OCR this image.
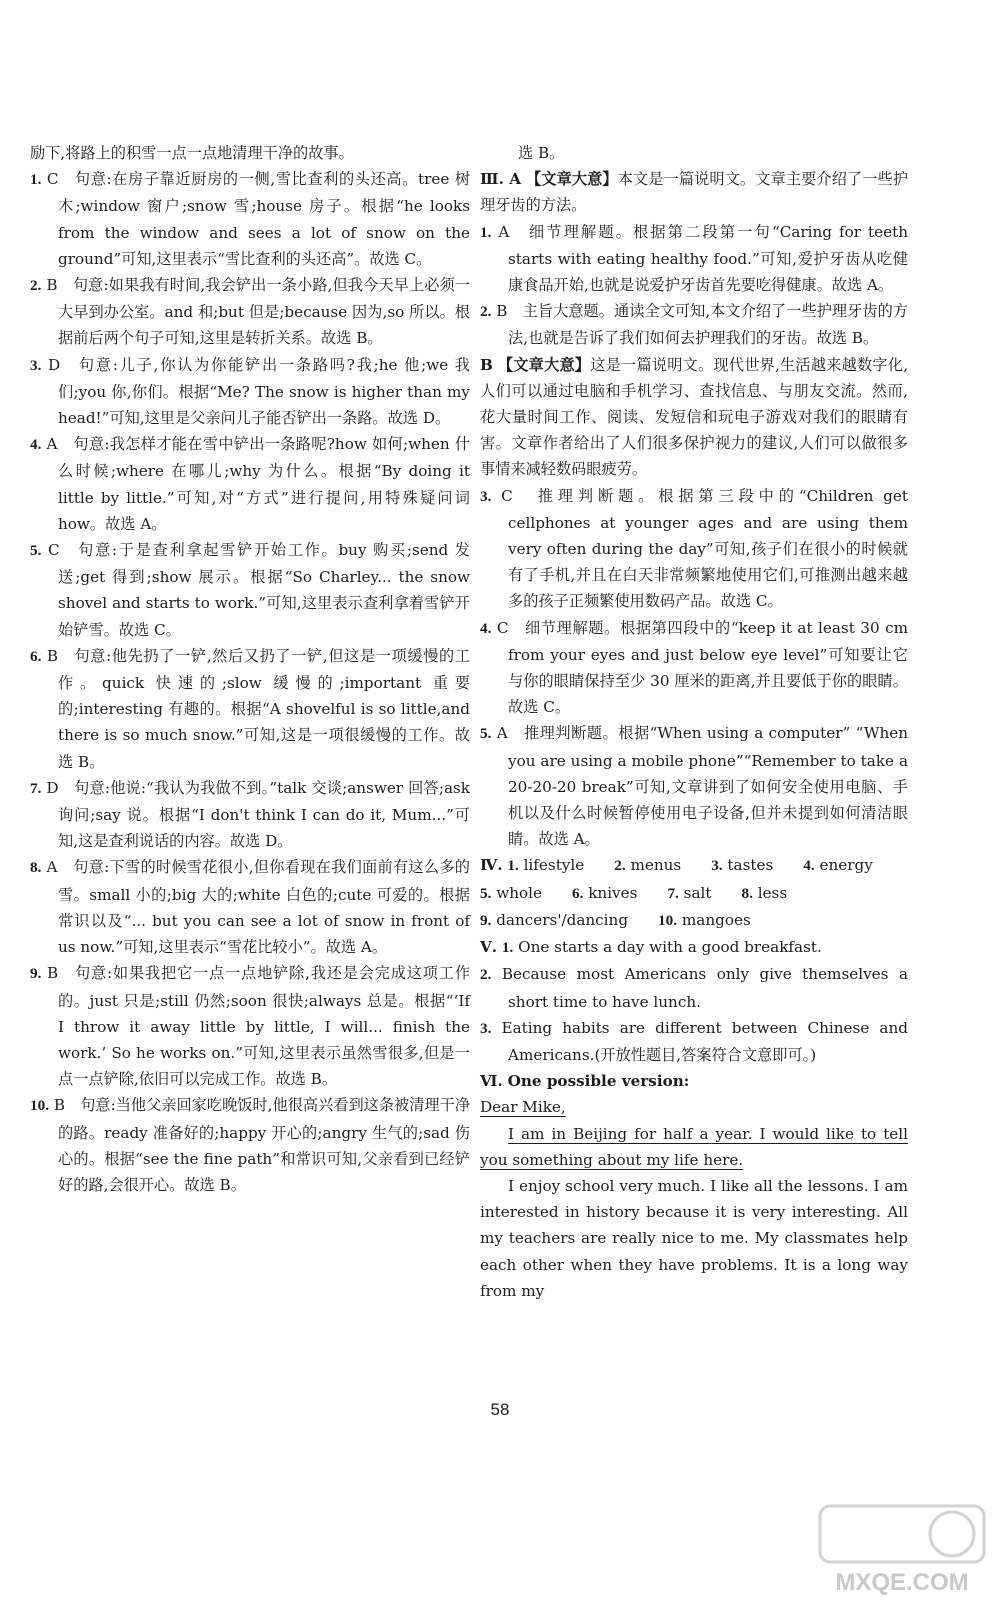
励下,将路上的积雪一点一点地清理干净的故事。

1. C　句意:在房子靠近厨房的一侧,雪比查利的头还高。tree 树木;window 窗户;snow 雪;house 房子。根据“he looks from the window and sees a lot of snow on the ground”可知,这里表示“雪比查利的头还高”。故选 C。

2. B　句意:如果我有时间,我会铲出一条小路,但我今天早上必须一大早到办公室。and 和;but 但是;because 因为,so 所以。根据前后两个句子可知,这里是转折关系。故选 B。

3. D　句意:儿子,你认为你能铲出一条路吗?我;he 他;we 我们;you 你,你们。根据“Me? The snow is higher than my head!”可知,这里是父亲问儿子能否铲出一条路。故选 D。

4. A　句意:我怎样才能在雪中铲出一条路呢?how 如何;when 什么时候;where 在哪儿;why 为什么。根据“By doing it little by little.”可知,对“方式”进行提问,用特殊疑问词 how。故选 A。

5. C　句意:于是查利拿起雪铲开始工作。buy 购买;send 发送;get 得到;show 展示。根据“So Charley... the snow shovel and starts to work.”可知,这里表示查利拿着雪铲开始铲雪。故选 C。

6. B　句意:他先扔了一铲,然后又扔了一铲,但这是一项缓慢的工作。quick 快速的;slow 缓慢的;important 重要的;interesting 有趣的。根据“A shovelful is so little,and there is so much snow.”可知,这是一项很缓慢的工作。故选 B。

7. D　句意:他说:“我认为我做不到。”talk 交谈;answer 回答;ask 询问;say 说。根据“I don't think I can do it, Mum...”可知,这是查利说话的内容。故选 D。

8. A　句意:下雪的时候雪花很小,但你看现在我们面前有这么多的雪。small 小的;big 大的;white 白色的;cute 可爱的。根据常识以及“... but you can see a lot of snow in front of us now.”可知,这里表示“雪花比较小”。故选 A。

9. B　句意:如果我把它一点一点地铲除,我还是会完成这项工作的。just 只是;still 仍然;soon 很快;always 总是。根据“‘If I throw it away little by little, I will... finish the work.’ So he works on.”可知,这里表示虽然雪很多,但是一点一点铲除,依旧可以完成工作。故选 B。

10. B　句意:当他父亲回家吃晚饭时,他很高兴看到这条被清理干净的路。ready 准备好的;happy 开心的;angry 生气的;sad 伤心的。根据“see the fine path”和常识可知,父亲看到已经铲好的路,会很开心。故选 B。

选 B。

Ⅲ. A 【文章大意】本文是一篇说明文。文章主要介绍了一些护理牙齿的方法。

1. A　细节理解题。根据第二段第一句“Caring for teeth starts with eating healthy food.”可知,爱护牙齿从吃健康食品开始,也就是说爱护牙齿首先要吃得健康。故选 A。

2. B　主旨大意题。通读全文可知,本文介绍了一些护理牙齿的方法,也就是告诉了我们如何去护理我们的牙齿。故选 B。

B 【文章大意】这是一篇说明文。现代世界,生活越来越数字化,人们可以通过电脑和手机学习、查找信息、与朋友交流。然而,花大量时间工作、阅读、发短信和玩电子游戏对我们的眼睛有害。文章作者给出了人们很多保护视力的建议,人们可以做很多事情来减轻数码眼疲劳。

3. C　推理判断题。根据第三段中的“Children get cellphones at younger ages and are using them very often during the day”可知,孩子们在很小的时候就有了手机,并且在白天非常频繁地使用它们,可推测出越来越多的孩子正频繁使用数码产品。故选 C。

4. C　细节理解题。根据第四段中的“keep it at least 30 cm from your eyes and just below eye level”可知要让它与你的眼睛保持至少 30 厘米的距离,并且要低于你的眼睛。故选 C。

5. A　推理判断题。根据“When using a computer” “When you are using a mobile phone”“Remember to take a 20-20-20 break”可知,文章讲到了如何安全使用电脑、手机以及什么时候暂停使用电子设备,但并未提到如何清洁眼睛。故选 A。

Ⅳ. 1. lifestyle 2. menus 3. tastes 4. energy
5. whole 6. knives 7. salt 8. less
9. dancers'/dancing 10. mangoes

Ⅴ. 1. One starts a day with a good breakfast.

2. Because most Americans only give themselves a short time to have lunch.

3. Eating habits are different between Chinese and Americans.(开放性题目,答案符合文意即可。)

Ⅵ. One possible version:

Dear Mike,

I am in Beijing for half a year. I would like to tell you something about my life here.

I enjoy school very much. I like all the lessons. I am interested in history because it is very interesting. All my teachers are really nice to me. My classmates help each other when they have problems. It is a long way from my

58
MXQE.COM
